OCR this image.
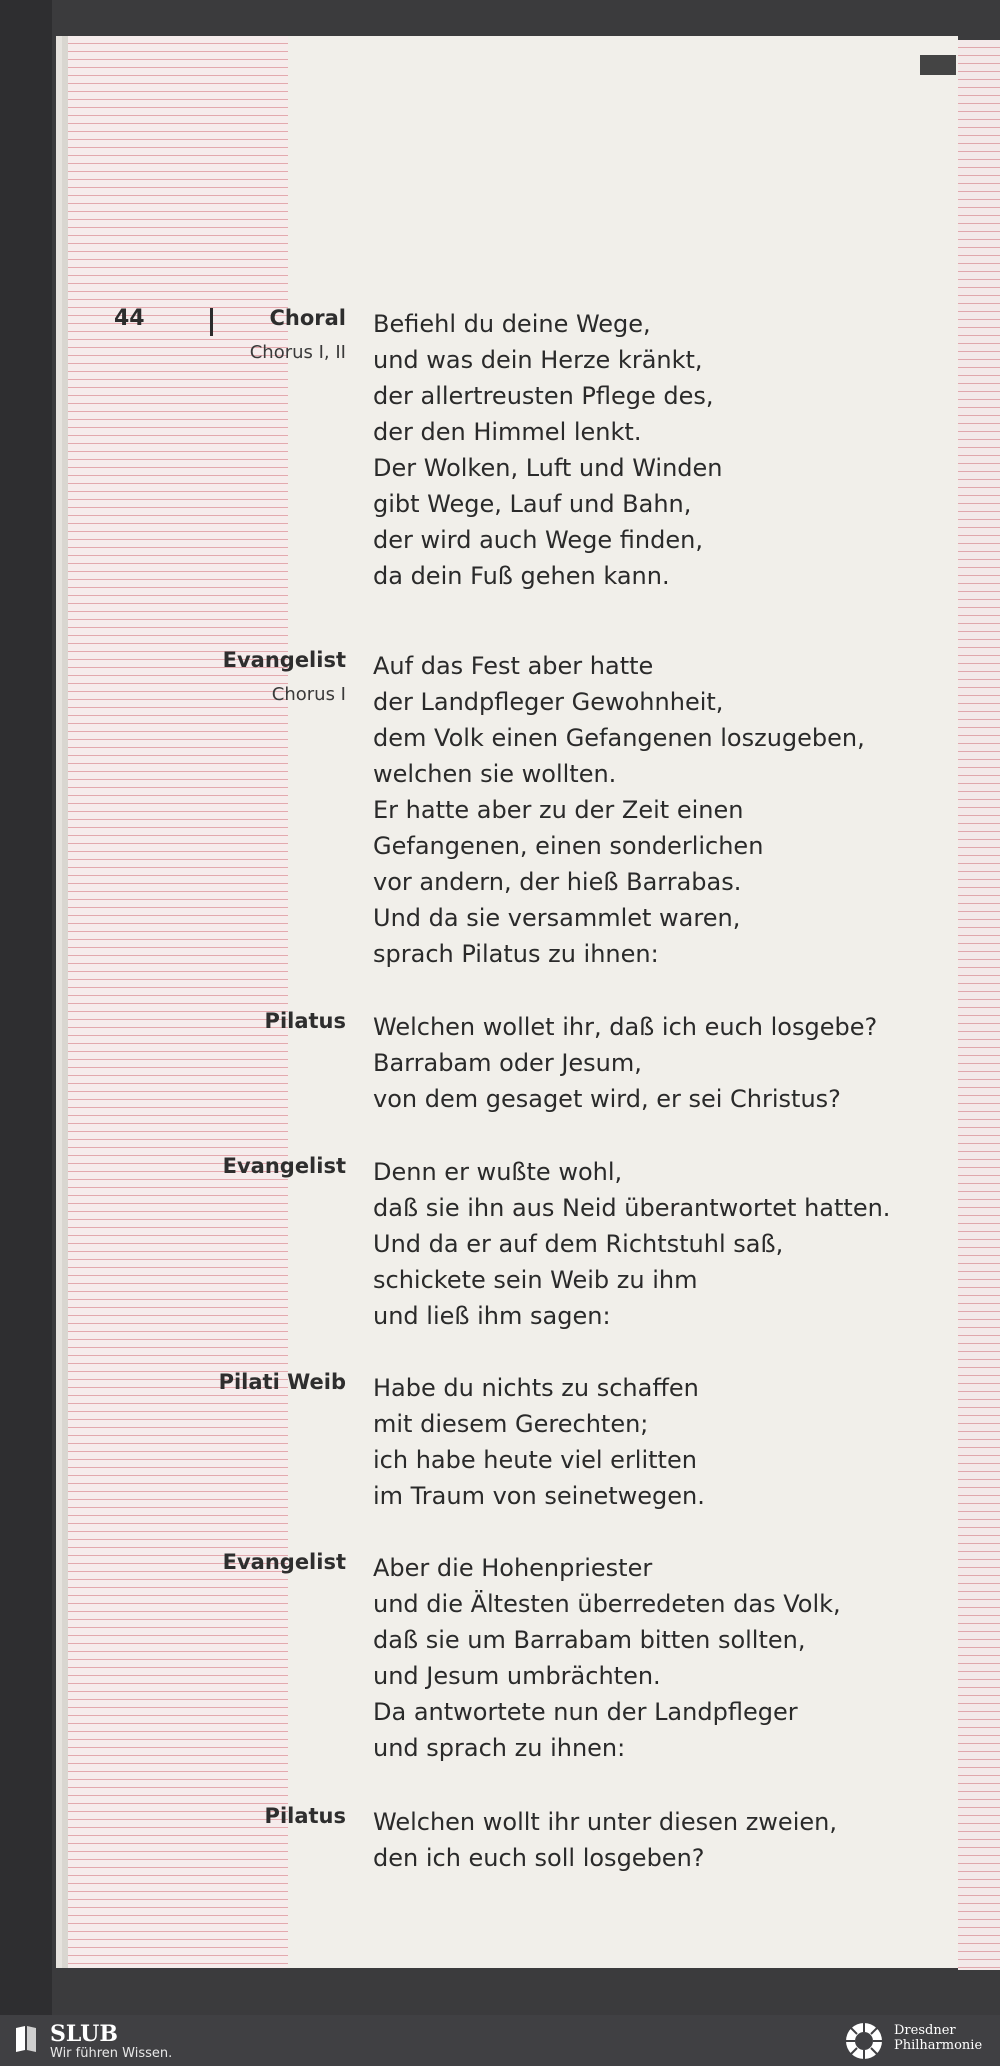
44	Choral
Chorus I, II
Befiehl du deine Wege,
und was dein Herze kränkt,
der allertreusten Pflege des,
der den Himmel lenkt.
Der Wolken, Luft und Winden
gibt Wege, Lauf und Bahn,
der wird auch Wege finden,
da dein Fuß gehen kann.
Evangelist
Chorus I
Auf das Fest aber hatte
der Landpfleger Gewohnheit,
dem Volk einen Gefangenen loszugeben,
welchen sie wollten.
Er hatte aber zu der Zeit einen
Gefangenen, einen sonderlichen
vor andern, der hieß Barrabas.
Und da sie versammlet waren,
sprach Pilatus zu ihnen:
Pilatus Welchen wollet ihr, daß ich euch losgebe?
Barrabam oder Jesum,
von dem gesaget wird, er sei Christus?
Evangelist Denn er wußte wohl,
daß sie ihn aus Neid überantwortet hatten.
Und da er auf dem Richtstuhl saß,
schickete sein Weib zu ihm
und ließ ihm sagen:
Pilati Weib Habe du nichts zu schaffen
mit diesem Gerechten;
ich habe heute viel erlitten
im Traum von seinetwegen.
Evangelist Aber die Hohenpriester
und die Ältesten überredeten das Volk,
daß sie um Barrabam bitten sollten,
und Jesum umbrächten.
Da antwortete nun der Landpfleger
und sprach zu ihnen:
Pilatus Welchen wollt ihr unter diesen zweien,
den ich euch soll losgeben?
SLUB
Wir führen Wissen.
Dresdner
Philharmonie
